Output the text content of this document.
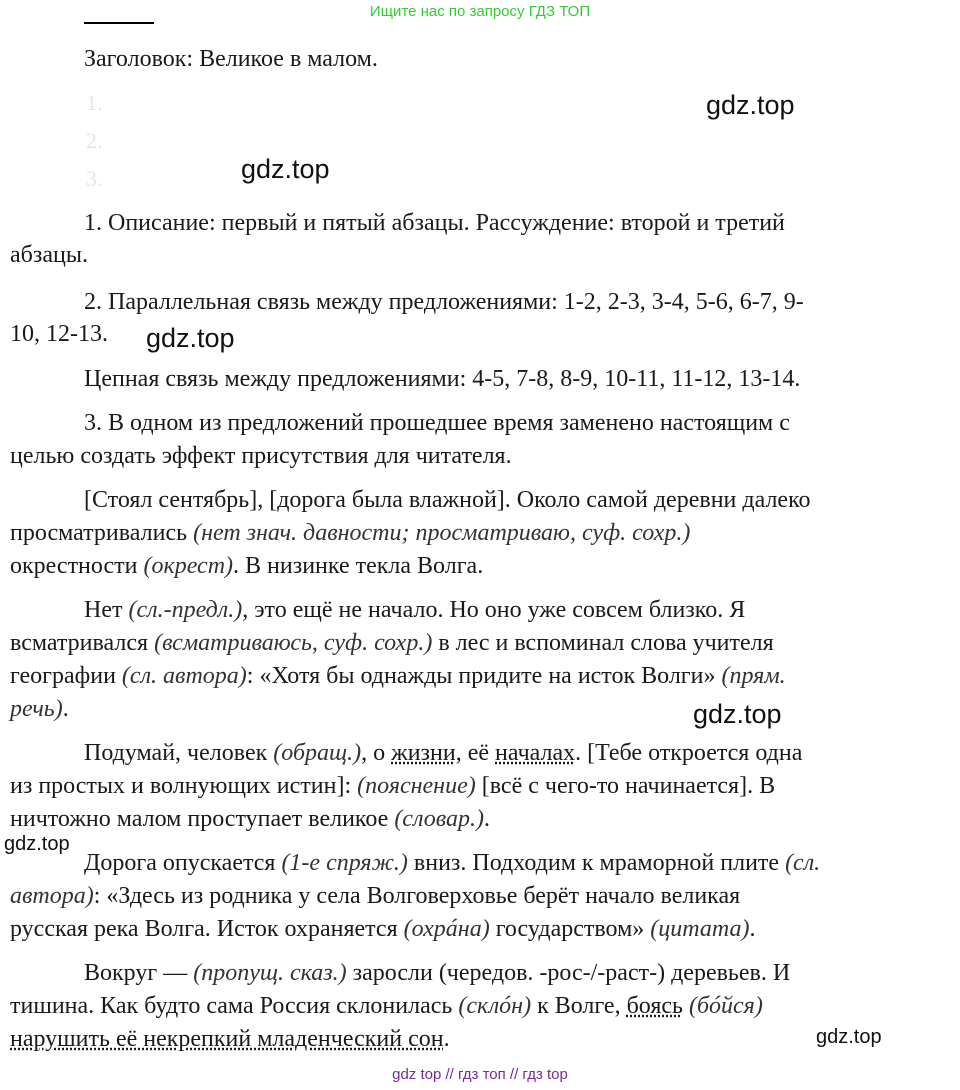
Ищите нас по запросу ГДЗ ТОП
Заголовок: Великое в малом.
1.
2.
3.
gdz.top
gdz.top
1. Описание: первый и пятый абзацы. Рассуждение: второй и третий
абзацы.
2. Параллельная связь между предложениями: 1-2, 2-3, 3-4, 5-6, 6-7, 9-
10, 12-13. gdz.top
Цепная связь между предложениями: 4-5, 7-8, 8-9, 10-11, 11-12, 13-14.
3. В одном из предложений прошедшее время заменено настоящим с
целью создать эффект присутствия для читателя.
[Стоял сентябрь], [дорога была влажной]. Около самой деревни далеко
просматривались (нет знач. давности; просматриваю, суф. сохр.)
окрестности (окрест). В низинке текла Волга.
Нет (сл.-предл.), это ещё не начало. Но оно уже совсем близко. Я
всматривался (всматриваюсь, суф. сохр.) в лес и вспоминал слова учителя
географии (сл. автора): «Хотя бы однажды придите на исток Волги» (прям.
речь).	gdz.top
Подумай, человек (обращ.), о жизни, её началах. [Тебе откроется одна
из простых и волнующих истин]: (пояснение) [всё с чего-то начинается]. В
ничтожно малом проступает великое (словар.).
gdz.top
Дорога опускается (1-е спряж.) вниз. Подходим к мраморной плите (сл.
автора): «Здесь из родника у села Волговерховье берёт начало великая
русская река Волга. Исток охраняется (охрáна) государством» (цитата).
Вокруг — (пропущ. сказ.) заросли (чередов. -рос-/-раст-) деревьев. И
тишина. Как будто сама Россия склонилась (склóн) к Волге, боясь (бóйся)
нарушить её некрепкий младенческий сон.	gdz.top
gdz top // гдз топ // гдз top
